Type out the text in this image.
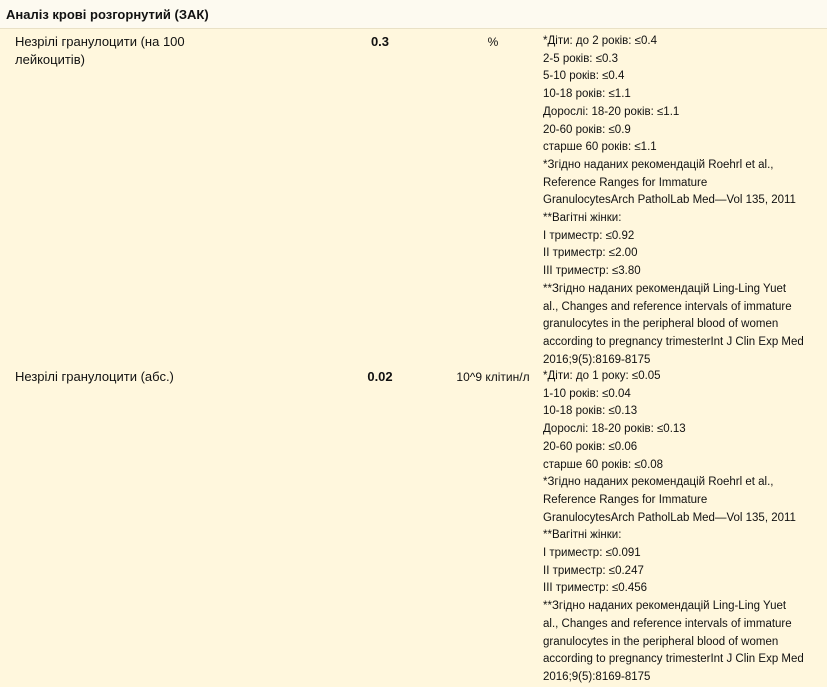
Аналіз крові розгорнутий (ЗАК)
Незрілі гранулоцити (на 100 лейкоцитів)
0.3	%	*Діти: до 2 років: ≤0.4
2-5 років: ≤0.3
5-10 років: ≤0.4
10-18 років: ≤1.1
Дорослі: 18-20 років: ≤1.1
20-60 років: ≤0.9
старше 60 років: ≤1.1
*Згідно наданих рекомендацій Roehrl et al.,
Reference Ranges for Immature
GranulocytesArch PatholLab Med—Vol 135, 2011
**Вагітні жінки:
I триместр: ≤0.92
II триместр: ≤2.00
III триместр: ≤3.80
**Згідно наданих рекомендацій Ling-Ling Yuet
al., Changes and reference intervals of immature
granulocytes in the peripheral blood of women
according to pregnancy trimesterInt J Clin Exp Med
2016;9(5):8169-8175
Незрілі гранулоцити (абс.)	0.02	10^9 клітин/л *Діти: до 1 року: ≤0.05
1-10 років: ≤0.04
10-18 років: ≤0.13
Дорослі: 18-20 років: ≤0.13
20-60 років: ≤0.06
старше 60 років: ≤0.08
*Згідно наданих рекомендацій Roehrl et al.,
Reference Ranges for Immature
GranulocytesArch PatholLab Med—Vol 135, 2011
**Вагітні жінки:
I триместр: ≤0.091
II триместр: ≤0.247
III триместр: ≤0.456
**Згідно наданих рекомендацій Ling-Ling Yuet
al., Changes and reference intervals of immature
granulocytes in the peripheral blood of women
according to pregnancy trimesterInt J Clin Exp Med
2016;9(5):8169-8175
